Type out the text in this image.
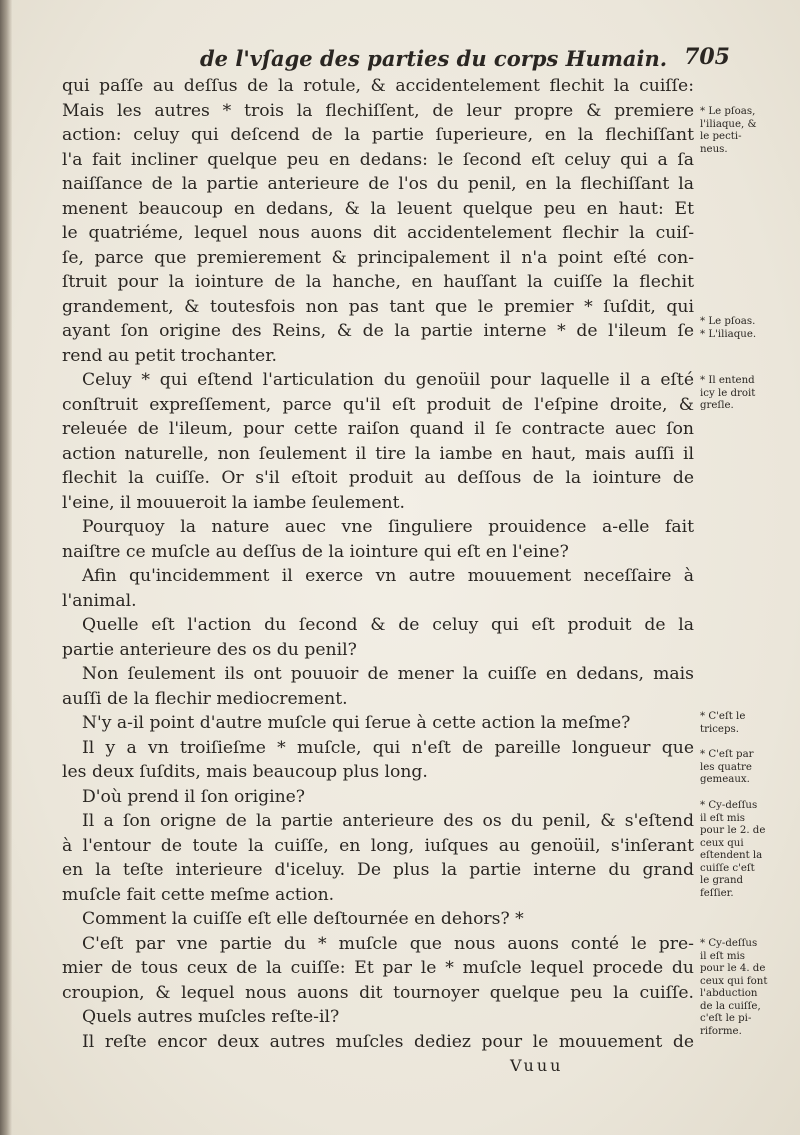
de l'vſage des parties du corps Humain. 705
qui paſſe au deſſus de la rotule, & accidentelement flechit la cuiſſe:
Mais les autres * trois la flechiſſent, de leur propre & premiere
action: celuy qui deſcend de la partie ſuperieure, en la flechiſſant
l'a fait incliner quelque peu en dedans: le ſecond eſt celuy qui a ſa
naiſſance de la partie anterieure de l'os du penil, en la flechiſſant la
menent beaucoup en dedans, & la leuent quelque peu en haut: Et
le quatriéme, lequel nous auons dit accidentelement flechir la cuiſ-
ſe, parce que premierement & principalement il n'a point eſté con-
ſtruit pour la iointure de la hanche, en hauſſant la cuiſſe la flechit
grandement, & toutesfois non pas tant que le premier * ſuſdit, qui
ayant ſon origine des Reins, & de la partie interne * de l'ileum ſe
rend au petit trochanter.
Celuy * qui eſtend l'articulation du genoüil pour laquelle il a eſté
conſtruit expreſſement, parce qu'il eſt produit de l'eſpine droite, &
releuée de l'ileum, pour cette raiſon quand il ſe contracte auec ſon
action naturelle, non ſeulement il tire la iambe en haut, mais auſſi il
flechit la cuiſſe. Or s'il eſtoit produit au deſſous de la iointure de
l'eine, il mouueroit la iambe ſeulement.
Pourquoy la nature auec vne ſinguliere prouidence a-elle fait
naiſtre ce muſcle au deſſus de la iointure qui eſt en l'eine?
Afin qu'incidemment il exerce vn autre mouuement neceſſaire à
l'animal.
Quelle eſt l'action du ſecond & de celuy qui eſt produit de la
partie anterieure des os du penil?
Non ſeulement ils ont pouuoir de mener la cuiſſe en dedans, mais
auſſi de la flechir mediocrement.
N'y a-il point d'autre muſcle qui ſerue à cette action la meſme?
Il y a vn troiſieſme * muſcle, qui n'eſt de pareille longueur que
les deux ſuſdits, mais beaucoup plus long.
D'où prend il ſon origine?
Il a ſon origne de la partie anterieure des os du penil, & s'eſtend
à l'entour de toute la cuiſſe, en long, iuſques au genoüil, s'inſerant
en la teſte interieure d'iceluy. De plus la partie interne du grand
muſcle fait cette meſme action.
Comment la cuiſſe eſt elle deſtournée en dehors? *
C'eſt par vne partie du * muſcle que nous auons conté le pre-
mier de tous ceux de la cuiſſe: Et par le * muſcle lequel procede du
croupion, & lequel nous auons dit tournoyer quelque peu la cuiſſe.
Quels autres muſcles reſte-il?
Il reſte encor deux autres muſcles dediez pour le mouuement de
Vuuu
* Le pſoas,
l'iliaque, &
le pecti-
neus.
* Le pſoas.
* L'iliaque.
* Il entend
icy le droit
greſle.
* C'eſt le
triceps.
* C'eſt par
les quatre
gemeaux.
* Cy-deſſus
il eſt mis
pour le 2. de
ceux qui
eſtendent la
cuiſſe c'eſt
le grand
feſſier.
* Cy-deſſus
il eſt mis
pour le 4. de
ceux qui font
l'abduction
de la cuiſſe,
c'eſt le pi-
riforme.
